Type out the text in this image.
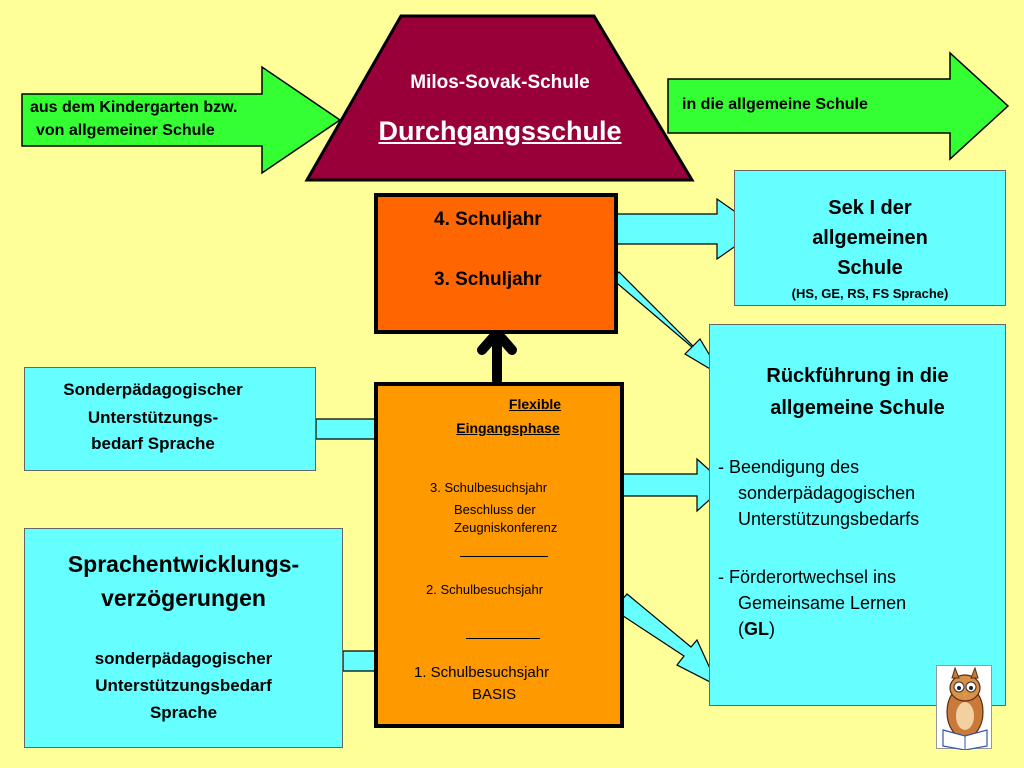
Milos-Sovak-Schule
Durchgangsschule
aus dem Kindergarten bzw.
von allgemeiner Schule
in die allgemeine Schule
4. Schuljahr
3. Schuljahr
Sek I der
allgemeinen
Schule
(HS, GE, RS, FS Sprache)
Rückführung in die
allgemeine Schule
- Beendigung des
sonderpädagogischen
Unterstützungsbedarfs
- Förderortwechsel ins
Gemeinsame Lernen
(GL)
Sonderpädagogischer
Unterstützungs-
bedarf Sprache
Flexible
Eingangsphase
3. Schulbesuchsjahr
Beschluss der
Zeugniskonferenz
2. Schulbesuchsjahr
1. Schulbesuchsjahr
BASIS
Sprachentwicklungs-
verzögerungen
sonderpädagogischer
Unterstützungsbedarf
Sprache
